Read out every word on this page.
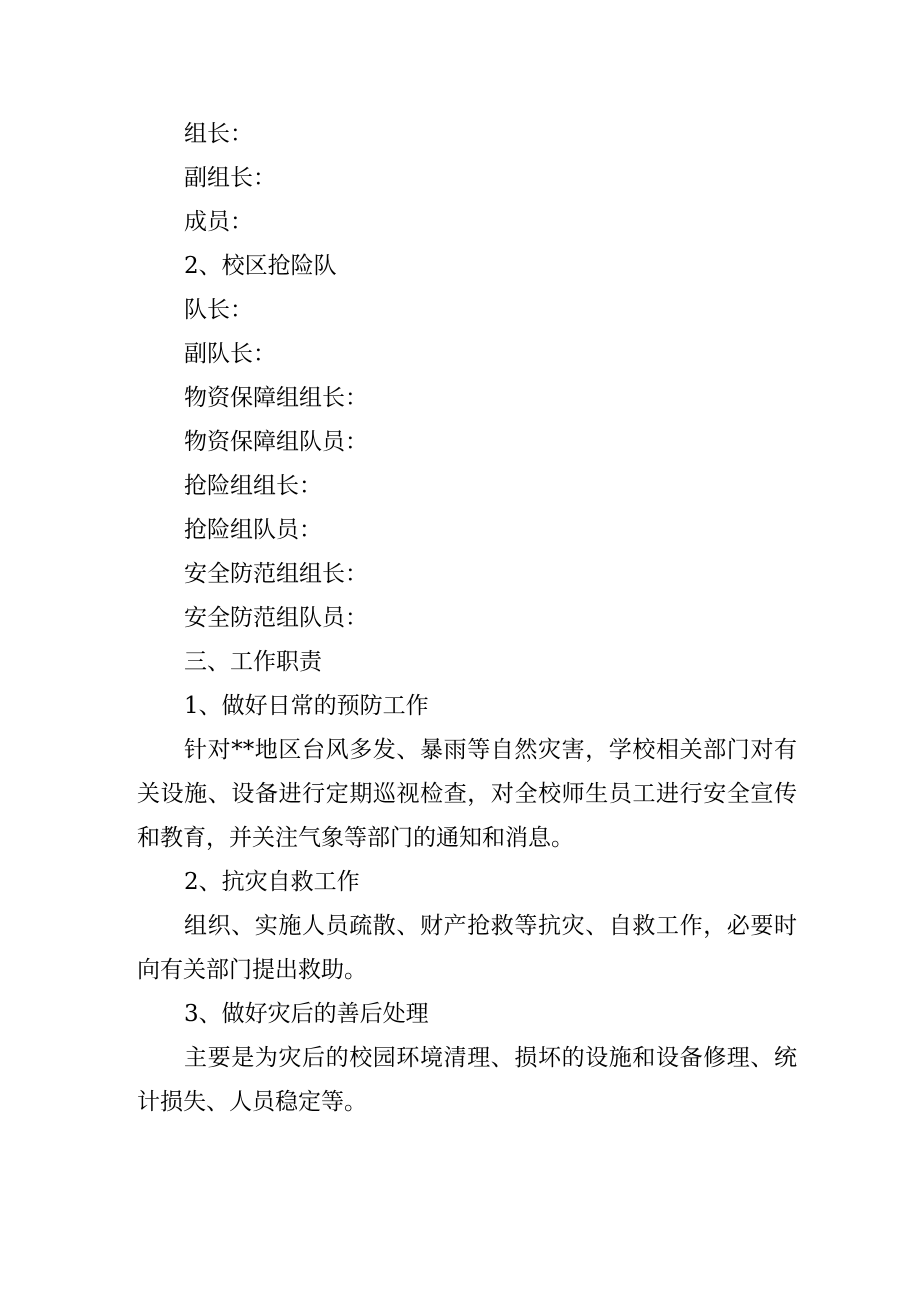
组长：
副组长：
成员：
2、校区抢险队
队长：
副队长：
物资保障组组长：
物资保障组队员：
抢险组组长：
抢险组队员：
安全防范组组长：
安全防范组队员：
三、工作职责
1、做好日常的预防工作

针对**地区台风多发、暴雨等自然灾害，学校相关部门对有关设施、设备进行定期巡视检查，对全校师生员工进行安全宣传和教育，并关注气象等部门的通知和消息。

2、抗灾自救工作

组织、实施人员疏散、财产抢救等抗灾、自救工作，必要时向有关部门提出救助。

3、做好灾后的善后处理

主要是为灾后的校园环境清理、损坏的设施和设备修理、统计损失、人员稳定等。
